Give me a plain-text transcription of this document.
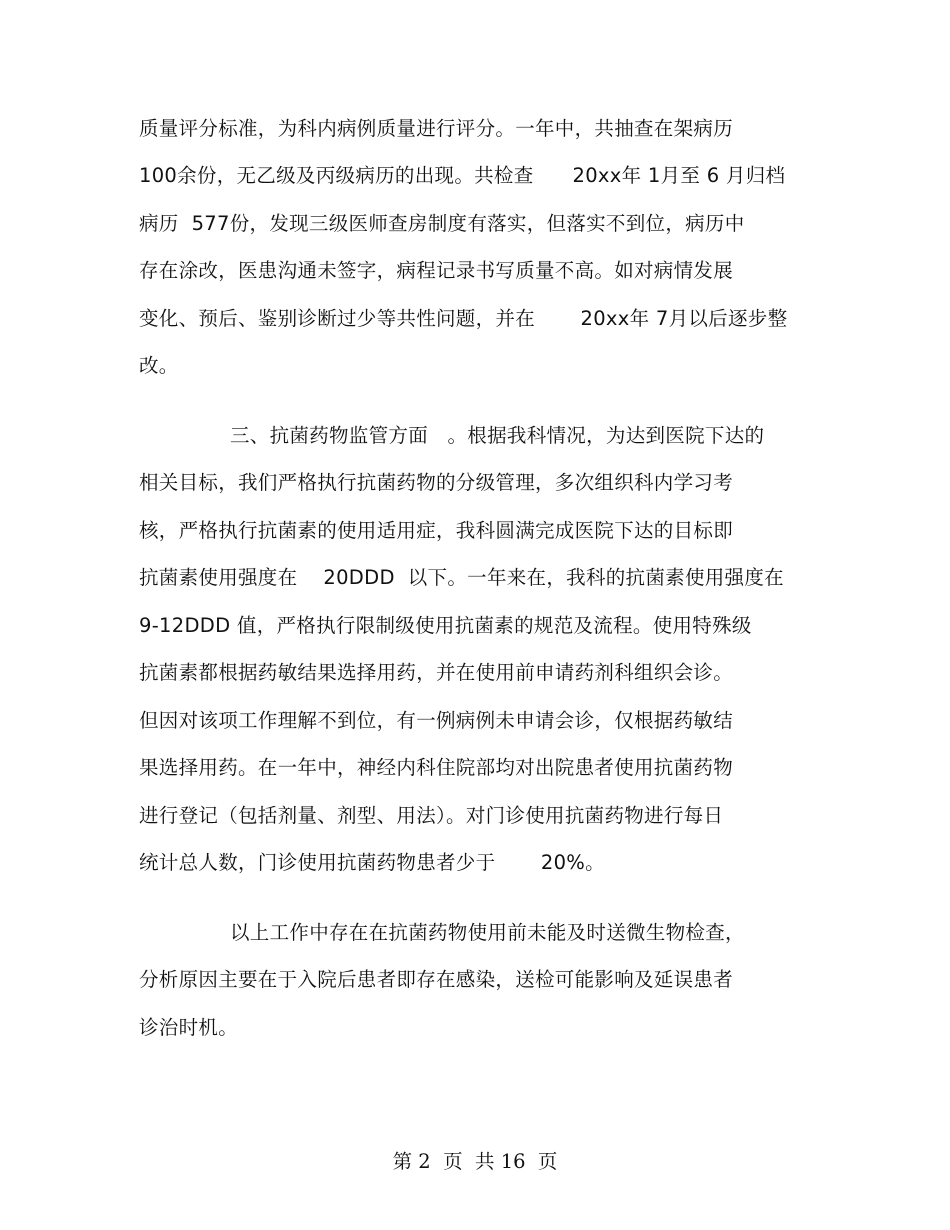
质量评分标准，为科内病例质量进行评分。一年中，共抽查在架病历
100余份，无乙级及丙级病历的出现。共检查      20xx年 1月至 6 月归档
病历  577份，发现三级医师查房制度有落实，但落实不到位，病历中
存在涂改，医患沟通未签字，病程记录书写质量不高。如对病情发展
变化、预后、鉴别诊断过少等共性问题，并在       20xx年 7月以后逐步整
改。
三、抗菌药物监管方面   。根据我科情况，为达到医院下达的
相关目标，我们严格执行抗菌药物的分级管理，多次组织科内学习考
核，严格执行抗菌素的使用适用症，我科圆满完成医院下达的目标即
抗菌素使用强度在    20DDD  以下。一年来在，我科的抗菌素使用强度在
9-12DDD 值，严格执行限制级使用抗菌素的规范及流程。使用特殊级
抗菌素都根据药敏结果选择用药，并在使用前申请药剂科组织会诊。
但因对该项工作理解不到位，有一例病例未申请会诊，仅根据药敏结
果选择用药。在一年中，神经内科住院部均对出院患者使用抗菌药物
进行登记（包括剂量、剂型、用法）。对门诊使用抗菌药物进行每日
统计总人数，门诊使用抗菌药物患者少于       20%。
以上工作中存在在抗菌药物使用前未能及时送微生物检查，
分析原因主要在于入院后患者即存在感染，送检可能影响及延误患者
诊治时机。
第 2  页  共 16  页
